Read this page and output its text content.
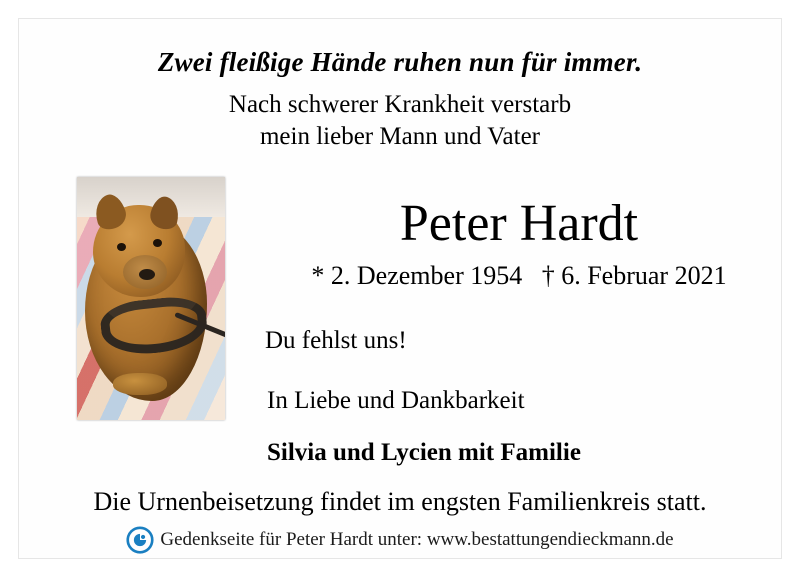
Zwei fleißige Hände ruhen nun für immer.
Nach schwerer Krankheit verstarb
mein lieber Mann und Vater
Peter Hardt
* 2. Dezember 1954   † 6. Februar 2021
Du fehlst uns!
In Liebe und Dankbarkeit
Silvia und Lycien mit Familie
Die Urnenbeisetzung findet im engsten Familienkreis statt.
Gedenkseite für Peter Hardt unter: www.bestattungendieckmann.de
